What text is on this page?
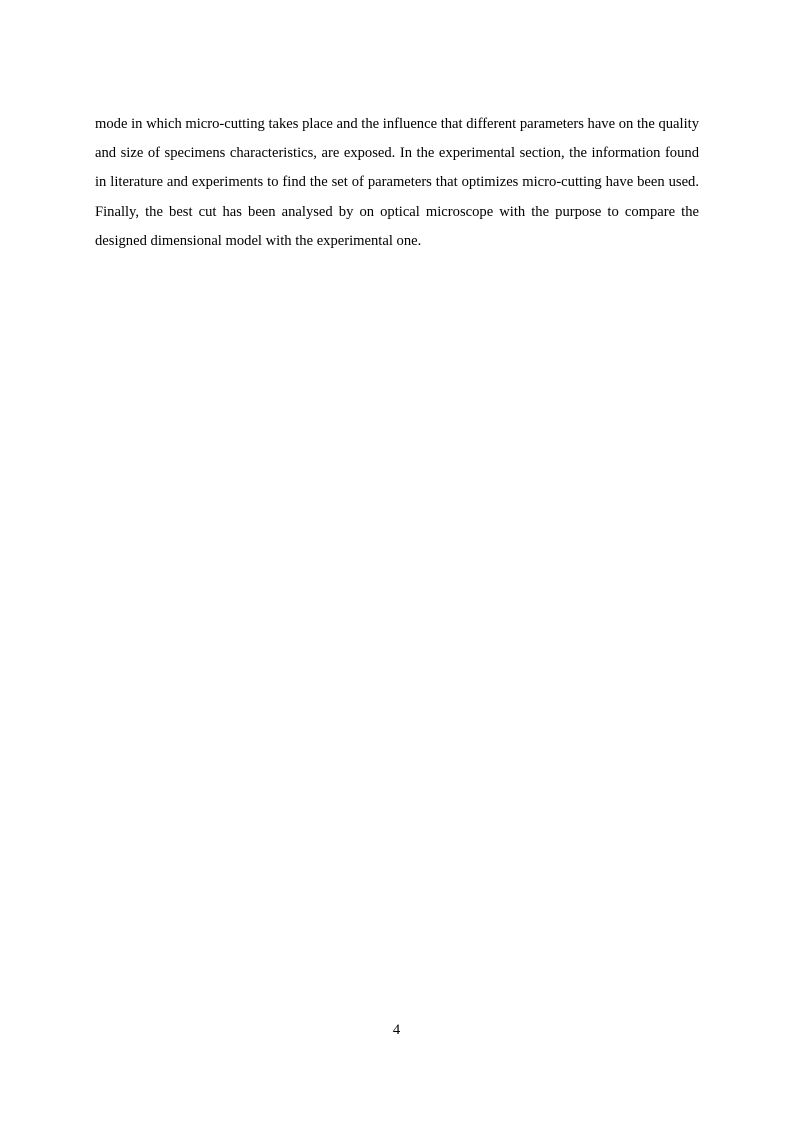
mode in which micro-cutting takes place and the influence that different parameters have on the quality and size of specimens characteristics, are exposed. In the experimental section, the information found in literature and experiments to find the set of parameters that optimizes micro-cutting have been used. Finally, the best cut has been analysed by on optical microscope with the purpose to compare the designed dimensional model with the experimental one.

4
